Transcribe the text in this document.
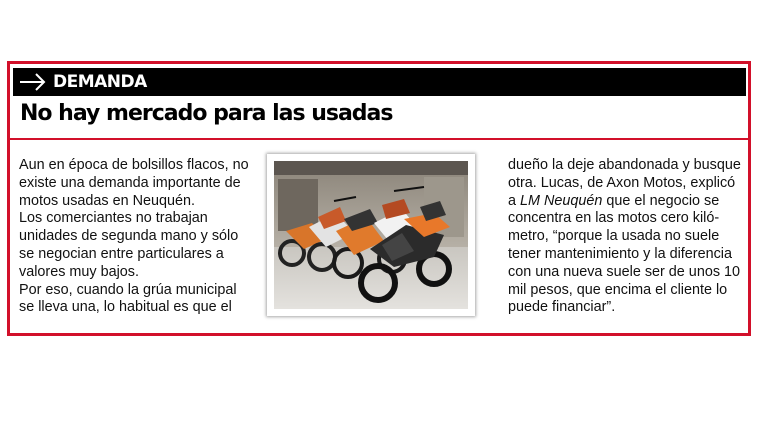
DEMANDA
No hay mercado para las usadas

Aun en época de bolsillos flacos, no

existe una demanda importante de

motos usadas en Neuquén.

Los comerciantes no trabajan

unidades de segunda mano y sólo

se negocian entre particulares a

valores muy bajos.

Por eso, cuando la grúa municipal

se lleva una, lo habitual es que el

dueño la deje abandonada y busque

otra. Lucas, de Axon Motos, explicó

a LM Neuquén que el negocio se

concentra en las motos cero kiló-

metro, “porque la usada no suele

tener mantenimiento y la diferencia

con una nueva suele ser de unos 10

mil pesos, que encima el cliente lo

puede financiar”.
